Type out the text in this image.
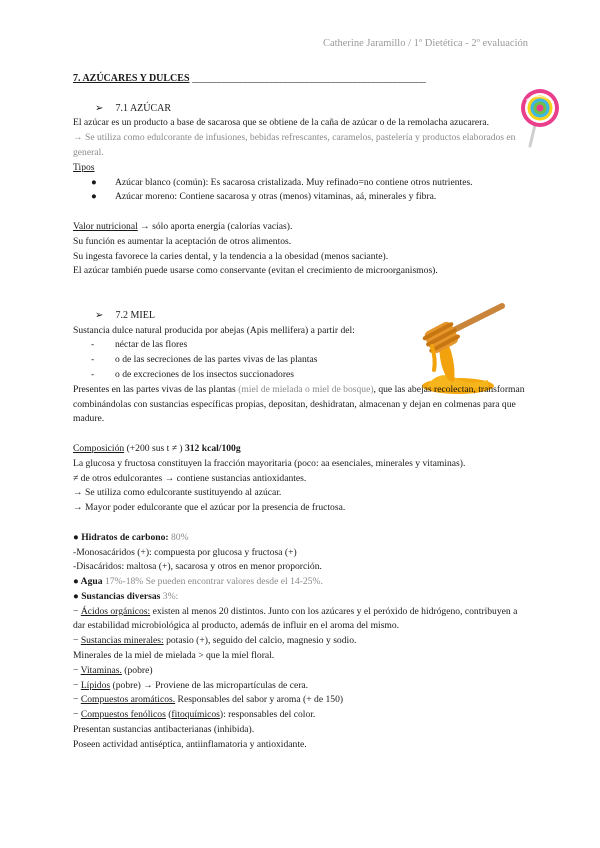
Catherine Jaramillo / 1º Dietética - 2º evaluación

7. AZÚCARES Y DULCES _____________________________________________________

➢ 7.1 AZÚCAR

El azúcar es un producto a base de sacarosa que se obtiene de la caña de azúcar o de la remolacha azucarera.

→ Se utiliza como edulcorante de infusiones, bebidas refrescantes, caramelos, pastelería y productos elaborados en general.

Tipos

● Azúcar blanco (común): Es sacarosa cristalizada. Muy refinado=no contiene otros nutrientes.

● Azúcar moreno: Contiene sacarosa y otras (menos) vitaminas, aá, minerales y fibra.

Valor nutricional → sólo aporta energía (calorías vacías).

Su función es aumentar la aceptación de otros alimentos.

Su ingesta favorece la caries dental, y la tendencia a la obesidad (menos saciante).

El azúcar también puede usarse como conservante (evitan el crecimiento de microorganismos).

➢ 7.2 MIEL

Sustancia dulce natural producida por abejas (Apis mellifera) a partir del:

- néctar de las flores

- o de las secreciones de las partes vivas de las plantas

- o de excreciones de los insectos succionadores

Presentes en las partes vivas de las plantas (miel de mielada o miel de bosque), que las abejas recolectan, transforman combinándolas con sustancias específicas propias, depositan, deshidratan, almacenan y dejan en colmenas para que madure.

Composición (+200 sus t ≠ ) 312 kcal/100g

La glucosa y fructosa constituyen la fracción mayoritaria (poco: aa esenciales, minerales y vitaminas).

≠ de otros edulcorantes → contiene sustancias antioxidantes.

→ Se utiliza como edulcorante sustituyendo al azúcar.

→ Mayor poder edulcorante que el azúcar por la presencia de fructosa.

● Hidratos de carbono: 80%

-Monosacáridos (+): compuesta por glucosa y fructosa (+)

-Disacáridos: maltosa (+), sacarosa y otros en menor proporción.

● Agua 17%-18% Se pueden encontrar valores desde el 14-25%.

● Sustancias diversas 3%:

− Ácidos orgánicos: existen al menos 20 distintos. Junto con los azúcares y el peróxido de hidrógeno, contribuyen a dar estabilidad microbiológica al producto, además de influir en el aroma del mismo.

− Sustancias minerales: potasio (+), seguido del calcio, magnesio y sodio.

Minerales de la miel de mielada > que la miel floral.

− Vitaminas. (pobre)

− Lípidos (pobre) → Proviene de las micropartículas de cera.

− Compuestos aromáticos. Responsables del sabor y aroma (+ de 150)

− Compuestos fenólicos (fitoquímicos): responsables del color.

Presentan sustancias antibacterianas (inhibida).

Poseen actividad antiséptica, antiinflamatoria y antioxidante.
